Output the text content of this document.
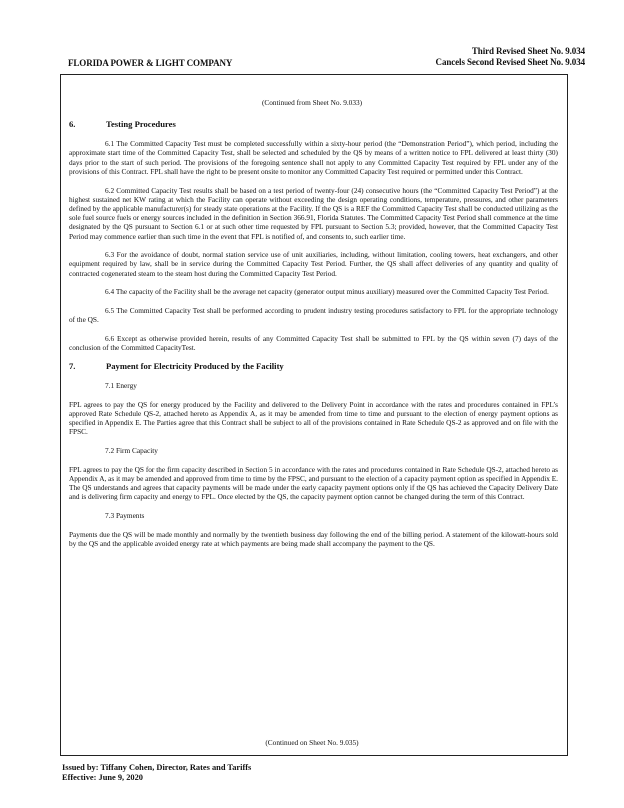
FLORIDA POWER & LIGHT COMPANY
Third Revised Sheet No. 9.034
Cancels Second Revised Sheet No. 9.034
(Continued from Sheet No. 9.033)
6.	Testing Procedures

6.1 The Committed Capacity Test must be completed successfully within a sixty-hour period (the “Demonstration Period”), which period, including the approximate start time of the Committed Capacity Test, shall be selected and scheduled by the QS by means of a written notice to FPL delivered at least thirty (30) days prior to the start of such period. The provisions of the foregoing sentence shall not apply to any Committed Capacity Test required by FPL under any of the provisions of this Contract. FPL shall have the right to be present onsite to monitor any Committed Capacity Test required or permitted under this Contract.

6.2 Committed Capacity Test results shall be based on a test period of twenty-four (24) consecutive hours (the “Committed Capacity Test Period”) at the highest sustained net KW rating at which the Facility can operate without exceeding the design operating conditions, temperature, pressures, and other parameters defined by the applicable manufacturer(s) for steady state operations at the Facility. If the QS is a REF the Committed Capacity Test shall be conducted utilizing as the sole fuel source fuels or energy sources included in the definition in Section 366.91, Florida Statutes. The Committed Capacity Test Period shall commence at the time designated by the QS pursuant to Section 6.1 or at such other time requested by FPL pursuant to Section 5.3; provided, however, that the Committed Capacity Test Period may commence earlier than such time in the event that FPL is notified of, and consents to, such earlier time.

6.3 For the avoidance of doubt, normal station service use of unit auxiliaries, including, without limitation, cooling towers, heat exchangers, and other equipment required by law, shall be in service during the Committed Capacity Test Period. Further, the QS shall affect deliveries of any quantity and quality of contracted cogenerated steam to the steam host during the Committed Capacity Test Period.

6.4 The capacity of the Facility shall be the average net capacity (generator output minus auxiliary) measured over the Committed Capacity Test Period.

6.5 The Committed Capacity Test shall be performed according to prudent industry testing procedures satisfactory to FPL for the appropriate technology of the QS.

6.6 Except as otherwise provided herein, results of any Committed Capacity Test shall be submitted to FPL by the QS within seven (7) days of the conclusion of the Committed CapacityTest.

7.	Payment for Electricity Produced by the Facility
7.1 Energy

FPL agrees to pay the QS for energy produced by the Facility and delivered to the Delivery Point in accordance with the rates and procedures contained in FPL’s approved Rate Schedule QS-2, attached hereto as Appendix A, as it may be amended from time to time and pursuant to the election of energy payment options as specified in Appendix E. The Parties agree that this Contract shall be subject to all of the provisions contained in Rate Schedule QS-2 as approved and on file with the FPSC.

7.2 Firm Capacity

FPL agrees to pay the QS for the firm capacity described in Section 5 in accordance with the rates and procedures contained in Rate Schedule QS-2, attached hereto as Appendix A, as it may be amended and approved from time to time by the FPSC, and pursuant to the election of a capacity payment option as specified in Appendix E. The QS understands and agrees that capacity payments will be made under the early capacity payment options only if the QS has achieved the Capacity Delivery Date and is delivering firm capacity and energy to FPL. Once elected by the QS, the capacity payment option cannot be changed during the term of this Contract.

7.3 Payments

Payments due the QS will be made monthly and normally by the twentieth business day following the end of the billing period. A statement of the kilowatt-hours sold by the QS and the applicable avoided energy rate at which payments are being made shall accompany the payment to the QS.

(Continued on Sheet No. 9.035)
Issued by: Tiffany Cohen, Director, Rates and Tariffs
Effective: June 9, 2020
